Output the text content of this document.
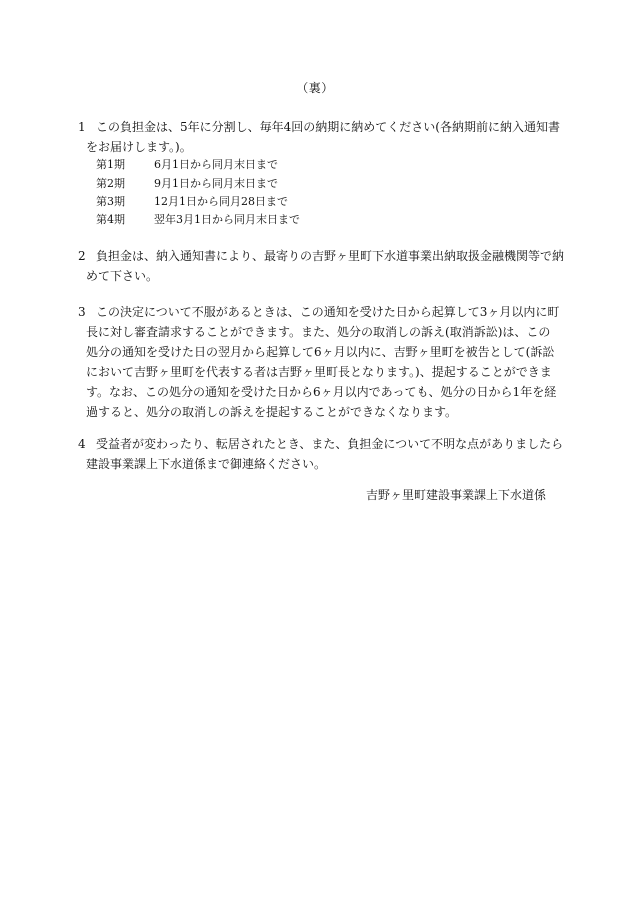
（裏）
1 この負担金は、5年に分割し、毎年4回の納期に納めてください(各納期前に納入通知書
をお届けします。)。
第1期	6月1日から同月末日まで
第2期	9月1日から同月末日まで
第3期	12月1日から同月28日まで
第4期	翌年3月1日から同月末日まで
2 負担金は、納入通知書により、最寄りの吉野ヶ里町下水道事業出納取扱金融機関等で納
めて下さい。
3 この決定について不服があるときは、この通知を受けた日から起算して3ヶ月以内に町
長に対し審査請求することができます。また、処分の取消しの訴え(取消訴訟)は、この
処分の通知を受けた日の翌月から起算して6ヶ月以内に、吉野ヶ里町を被告として(訴訟
において吉野ヶ里町を代表する者は吉野ヶ里町長となります。)、提起することができま
す。なお、この処分の通知を受けた日から6ヶ月以内であっても、処分の日から1年を経
過すると、処分の取消しの訴えを提起することができなくなります。
4 受益者が変わったり、転居されたとき、また、負担金について不明な点がありましたら
建設事業課上下水道係まで御連絡ください。
吉野ヶ里町建設事業課上下水道係
